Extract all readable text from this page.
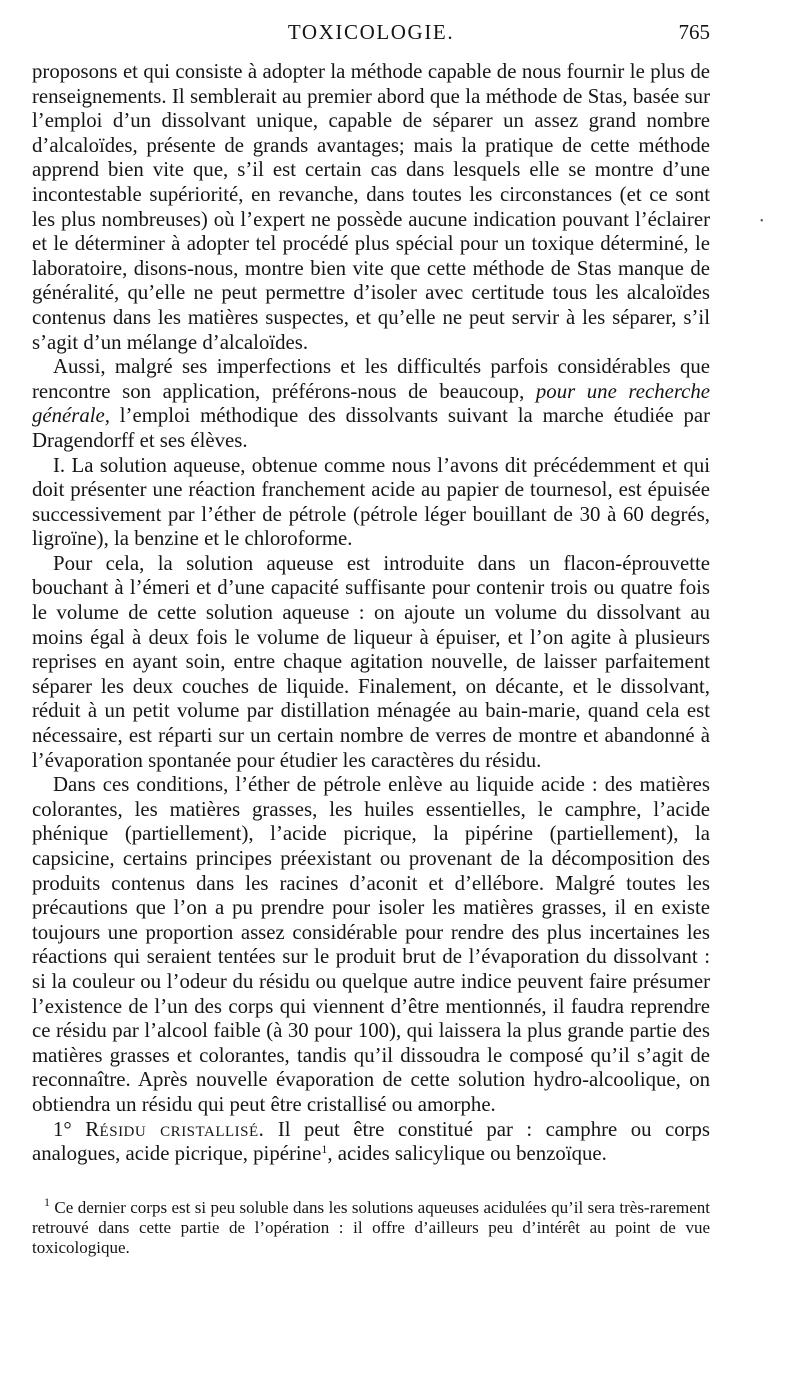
TOXICOLOGIE.	765

proposons et qui consiste à adopter la méthode capable de nous fournir le plus de renseignements. Il semblerait au premier abord que la méthode de Stas, basée sur l’emploi d’un dissolvant unique, capable de séparer un assez grand nombre d’alcaloïdes, présente de grands avantages; mais la pratique de cette méthode apprend bien vite que, s’il est certain cas dans lesquels elle se montre d’une incontestable supériorité, en revanche, dans toutes les circonstances (et ce sont les plus nombreuses) où l’expert ne possède aucune indication pouvant l’éclairer et le déterminer à adopter tel procédé plus spécial pour un toxique déterminé, le laboratoire, disons-nous, montre bien vite que cette méthode de Stas manque de généralité, qu’elle ne peut permettre d’isoler avec certitude tous les alcaloïdes contenus dans les matières suspectes, et qu’elle ne peut servir à les séparer, s’il s’agit d’un mélange d’alcaloïdes.

Aussi, malgré ses imperfections et les difficultés parfois considérables que rencontre son application, préférons-nous de beaucoup, pour une recherche générale, l’emploi méthodique des dissolvants suivant la marche étudiée par Dragendorff et ses élèves.

I. La solution aqueuse, obtenue comme nous l’avons dit précédemment et qui doit présenter une réaction franchement acide au papier de tournesol, est épuisée successivement par l’éther de pétrole (pétrole léger bouillant de 30 à 60 degrés, ligroïne), la benzine et le chloroforme.

Pour cela, la solution aqueuse est introduite dans un flacon-éprouvette bouchant à l’émeri et d’une capacité suffisante pour contenir trois ou quatre fois le volume de cette solution aqueuse : on ajoute un volume du dissolvant au moins égal à deux fois le volume de liqueur à épuiser, et l’on agite à plusieurs reprises en ayant soin, entre chaque agitation nouvelle, de laisser parfaitement séparer les deux couches de liquide. Finalement, on décante, et le dissolvant, réduit à un petit volume par distillation ménagée au bain-marie, quand cela est nécessaire, est réparti sur un certain nombre de verres de montre et abandonné à l’évaporation spontanée pour étudier les caractères du résidu.

Dans ces conditions, l’éther de pétrole enlève au liquide acide : des matières colorantes, les matières grasses, les huiles essentielles, le camphre, l’acide phénique (partiellement), l’acide picrique, la pipérine (partiellement), la capsicine, certains principes préexistant ou provenant de la décomposition des produits contenus dans les racines d’aconit et d’ellébore. Malgré toutes les précautions que l’on a pu prendre pour isoler les matières grasses, il en existe toujours une proportion assez considérable pour rendre des plus incertaines les réactions qui seraient tentées sur le produit brut de l’évaporation du dissolvant : si la couleur ou l’odeur du résidu ou quelque autre indice peuvent faire présumer l’existence de l’un des corps qui viennent d’être mentionnés, il faudra reprendre ce résidu par l’alcool faible (à 30 pour 100), qui laissera la plus grande partie des matières grasses et colorantes, tandis qu’il dissoudra le composé qu’il s’agit de reconnaître. Après nouvelle évaporation de cette solution hydro-alcoolique, on obtiendra un résidu qui peut être cristallisé ou amorphe.

1° Résidu cristallisé. Il peut être constitué par : camphre ou corps analogues, acide picrique, pipérine$^1$, acides salicylique ou benzoïque.

$^1$ Ce dernier corps est si peu soluble dans les solutions aqueuses acidulées qu’il sera très-rarement retrouvé dans cette partie de l’opération : il offre d’ailleurs peu d’intérêt au point de vue toxicologique.

•
